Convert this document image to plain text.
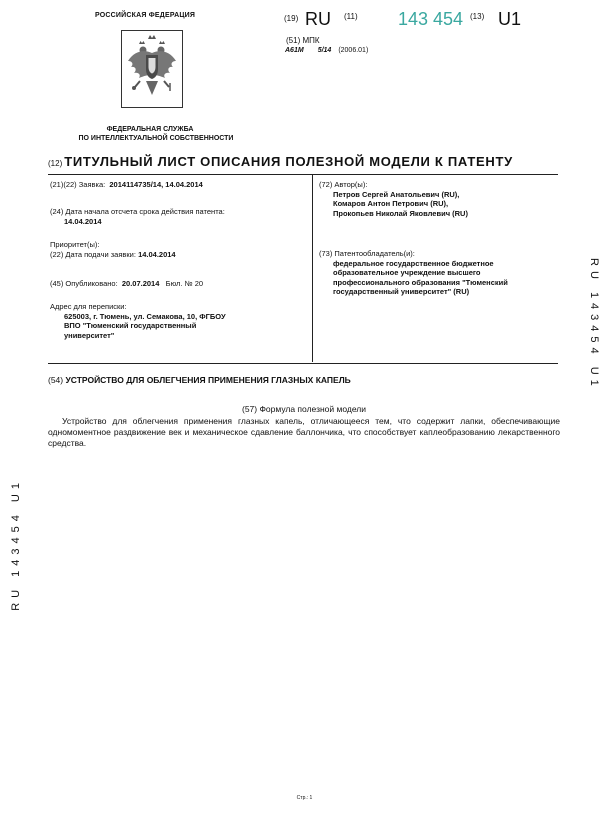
РОССИЙСКАЯ ФЕДЕРАЦИЯ
ФЕДЕРАЛЬНАЯ СЛУЖБА
ПО ИНТЕЛЛЕКТУАЛЬНОЙ СОБСТВЕННОСТИ
(19) RU (11) 143 454 (13) U1
(51) МПК
A61M 5/14 (2006.01)
(12) ТИТУЛЬНЫЙ ЛИСТ ОПИСАНИЯ ПОЛЕЗНОЙ МОДЕЛИ К ПАТЕНТУ
(21)(22) Заявка: 2014114735/14, 14.04.2014
(24) Дата начала отсчета срока действия патента:
14.04.2014
Приоритет(ы):
(22) Дата подачи заявки: 14.04.2014
(45) Опубликовано: 20.07.2014 Бюл. № 20
Адрес для переписки:
625003, г. Тюмень, ул. Семакова, 10, ФГБОУ
ВПО "Тюменский государственный
университет"
(72) Автор(ы):
Петров Сергей Анатольевич (RU),
Комаров Антон Петрович (RU),
Прокопьев Николай Яковлевич (RU)
(73) Патентообладатель(и):
федеральное государственное бюджетное
образовательное учреждение высшего
профессионального образования "Тюменский
государственный университет" (RU)	RU 143454 U1
RU 143454 U1
(54) УСТРОЙСТВО ДЛЯ ОБЛЕГЧЕНИЯ ПРИМЕНЕНИЯ ГЛАЗНЫХ КАПЕЛЬ
(57) Формула полезной модели
Устройство для облегчения применения глазных капель, отличающееся тем, что содержит лапки, обеспечивающие одномоментное раздвижение век и механическое сдавление баллончика, что способствует каплеобразованию лекарственного средства.
Стр.: 1
